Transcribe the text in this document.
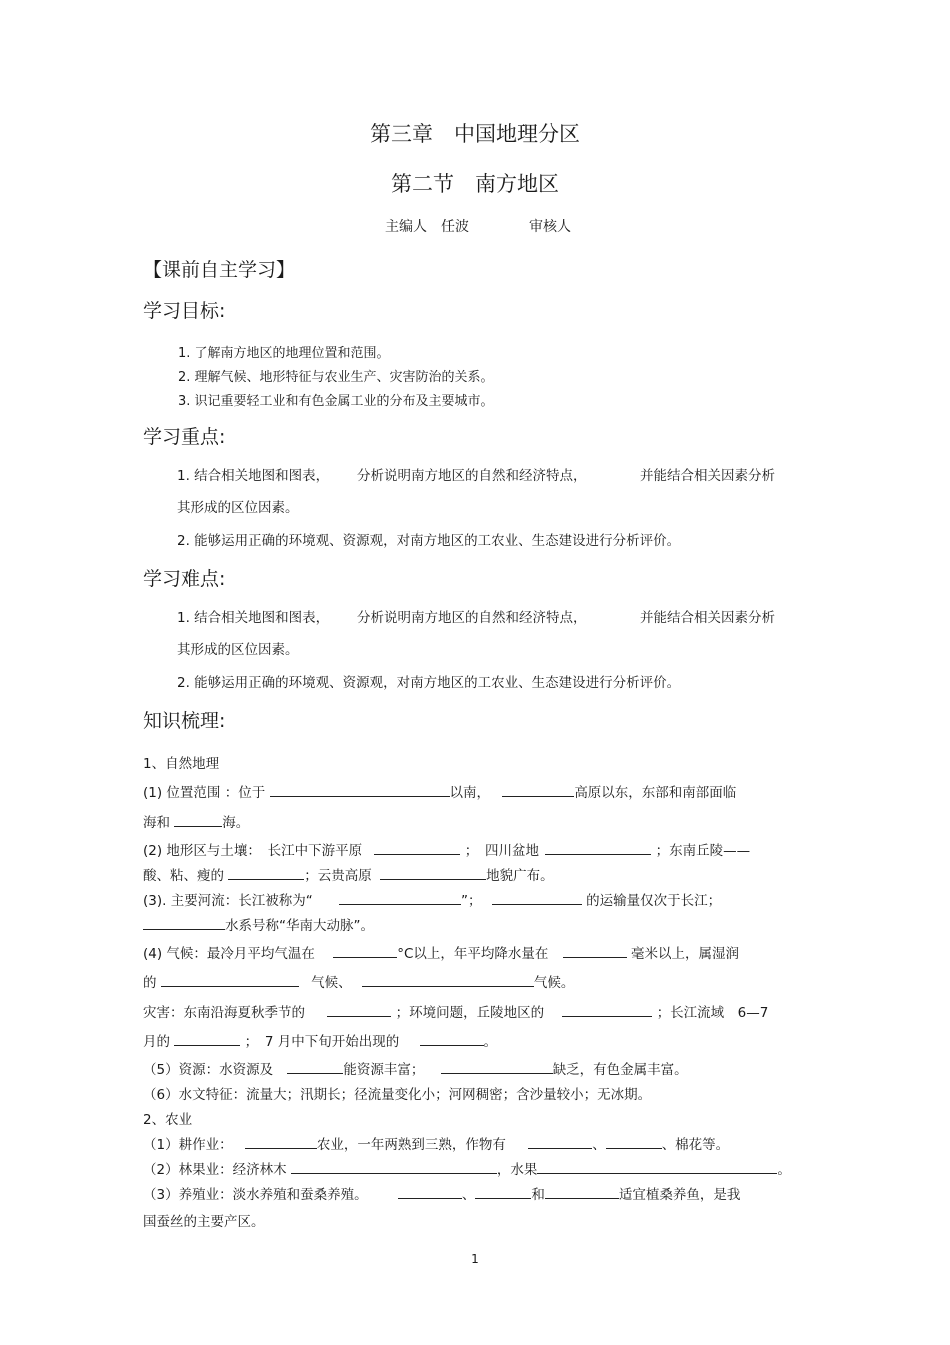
第三章　中国地理分区
第二节　南方地区
主编人 任波	审核人
【课前自主学习】
学习目标:
1. 了解南方地区的地理位置和范围。
2. 理解气候、地形特征与农业生产、灾害防治的关系。
3. 识记重要轻工业和有色金属工业的分布及主要城市。
学习重点:
1. 结合相关地图和图表， 分析说明南方地区的自然和经济特点，	并能结合相关因素分析
其形成的区位因素。
2. 能够运用正确的环境观、资源观，对南方地区的工农业、生态建设进行分析评价。
学习难点:
1. 结合相关地图和图表， 分析说明南方地区的自然和经济特点，	并能结合相关因素分析
其形成的区位因素。
2. 能够运用正确的环境观、资源观，对南方地区的工农业、生态建设进行分析评价。
知识梳理:
1、自然地理
(1) 位置范围 ：位于	以南，	高原以东，东部和南部面临
海和	海。
(2) 地形区与土壤：　长江中下游平原	；　四川盆地	；东南丘陵——
酸、粘、瘦的	；云贵高原	地貌广布。
(3). 主要河流：长江被称为“	”；	的运输量仅次于长江；
水系号称“华南大动脉”。
(4) 气候：最冷月平均气温在	°C以上，年平均降水量在	毫米以上，属湿润
的	气候、	气候。
灾害：东南沿海夏秋季节的	；环境问题，丘陵地区的	；长江流域　6—7
月的	；　7 月中下旬开始出现的	。
（5）资源：水资源及	能资源丰富；	缺乏，有色金属丰富。
（6）水文特征：流量大；汛期长；径流量变化小；河网稠密；含沙量较小；无冰期。
2、农业
（1）耕作业：	农业，一年两熟到三熟，作物有	、	、棉花等。
（2）林果业：经济林木	，水果	。
（3）养殖业：淡水养殖和蚕桑养殖。	、	和	适宜植桑养鱼，是我
国蚕丝的主要产区。
1
